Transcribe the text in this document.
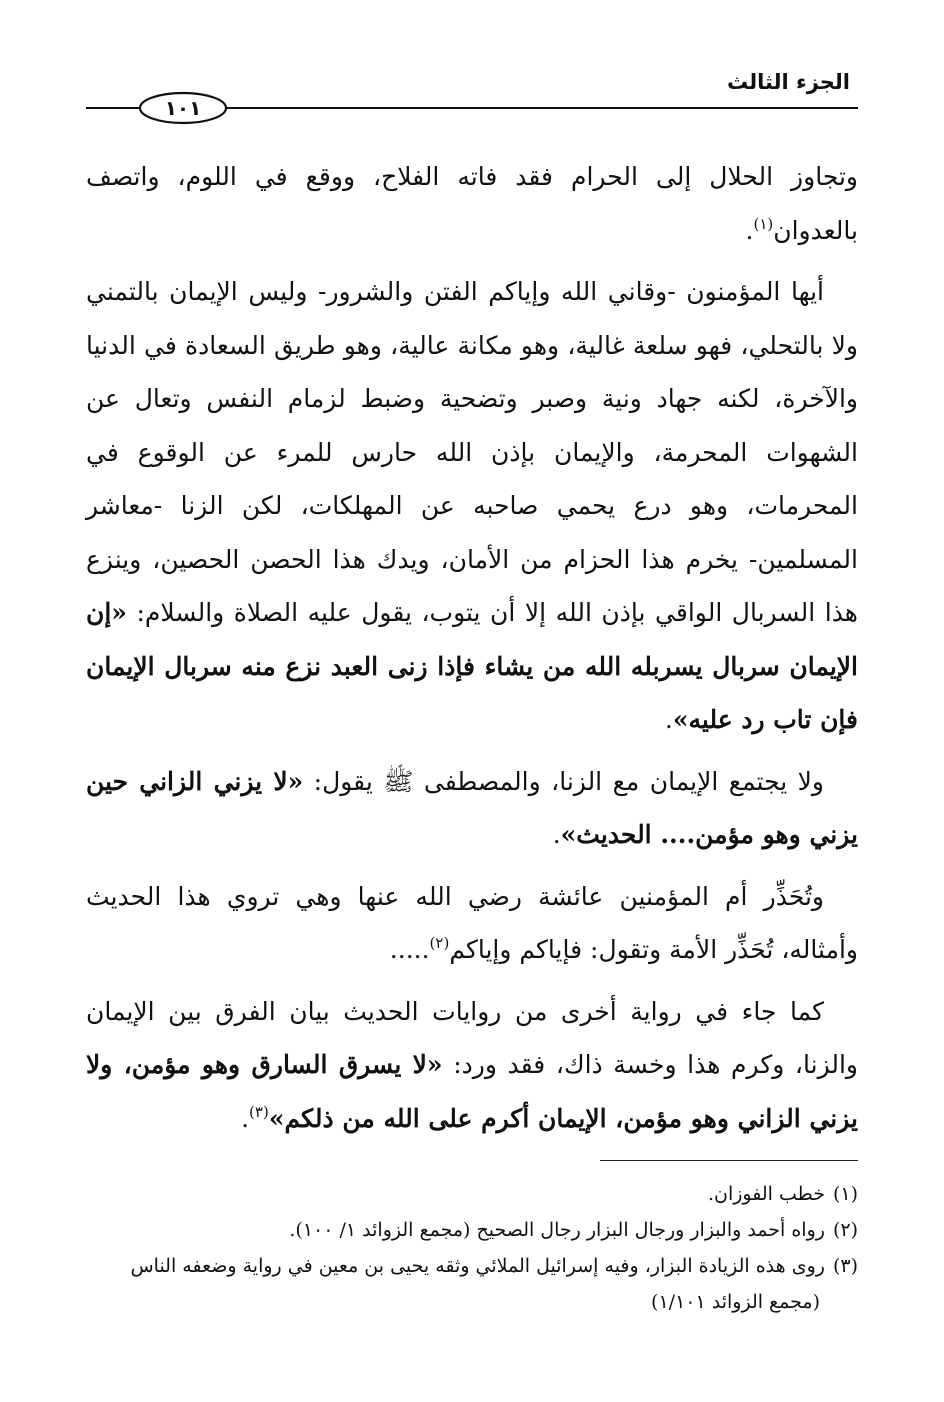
الجزء الثالث
١٠١

وتجاوز الحلال إلى الحرام فقد فاته الفلاح، ووقع في اللوم، واتصف بالعدوان$^{(١)}$.

أيها المؤمنون -وقاني الله وإياكم الفتن والشرور- وليس الإيمان بالتمني ولا بالتحلي، فهو سلعة غالية، وهو مكانة عالية، وهو طريق السعادة في الدنيا والآخرة، لكنه جهاد ونية وصبر وتضحية وضبط لزمام النفس وتعال عن الشهوات المحرمة، والإيمان بإذن الله حارس للمرء عن الوقوع في المحرمات، وهو درع يحمي صاحبه عن المهلكات، لكن الزنا -معاشر المسلمين- يخرم هذا الحزام من الأمان، ويدك هذا الحصن الحصين، وينزع هذا السربال الواقي بإذن الله إلا أن يتوب، يقول عليه الصلاة والسلام: «إن الإيمان سربال يسربله الله من يشاء فإذا زنى العبد نزع منه سربال الإيمان فإن تاب رد عليه».

ولا يجتمع الإيمان مع الزنا، والمصطفى ﷺ يقول: «لا يزني الزاني حين يزني وهو مؤمن.... الحديث».

وتُحَذِّر أم المؤمنين عائشة رضي الله عنها وهي تروي هذا الحديث وأمثاله، تُحَذِّر الأمة وتقول: فإياكم وإياكم$^{(٢)}$.....

كما جاء في رواية أخرى من روايات الحديث بيان الفرق بين الإيمان والزنا، وكرم هذا وخسة ذاك، فقد ورد: «لا يسرق السارق وهو مؤمن، ولا يزني الزاني وهو مؤمن، الإيمان أكرم على الله من ذلكم»$^{(٣)}$.

(١)خطب الفوزان.

(٢)رواه أحمد والبزار ورجال البزار رجال الصحيح (مجمع الزوائد ١/ ١٠٠).

(٣)روى هذه الزيادة البزار، وفيه إسرائيل الملائي وثقه يحيى بن معين في رواية وضعفه الناس

(مجمع الزوائد ١/١٠١)
